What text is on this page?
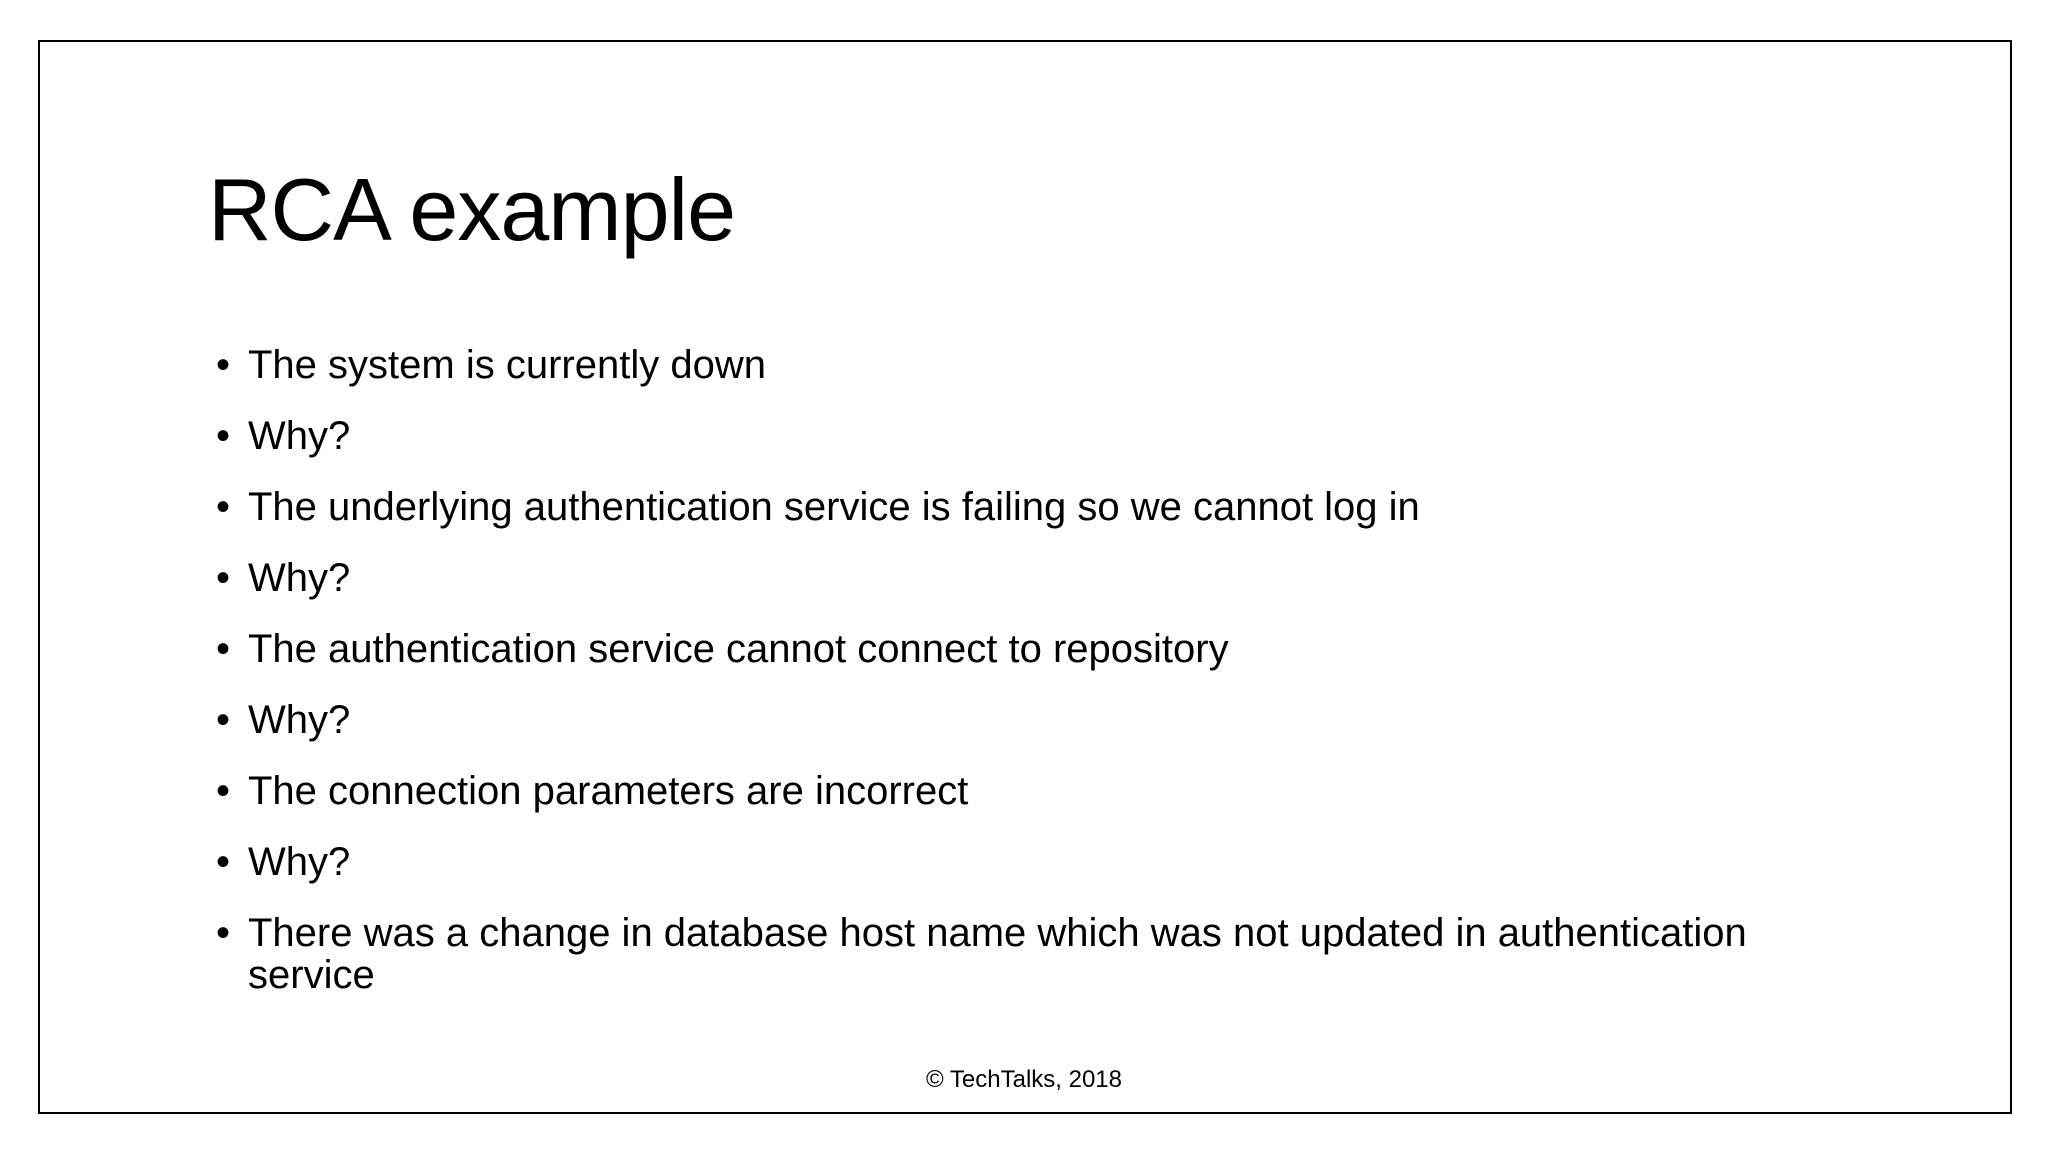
RCA example
• The system is currently down
• Why?
• The underlying authentication service is failing so we cannot log in
• Why?
• The authentication service cannot connect to repository
• Why?
• The connection parameters are incorrect
• Why?
• There was a change in database host name which was not updated in authentication service
© TechTalks, 2018
